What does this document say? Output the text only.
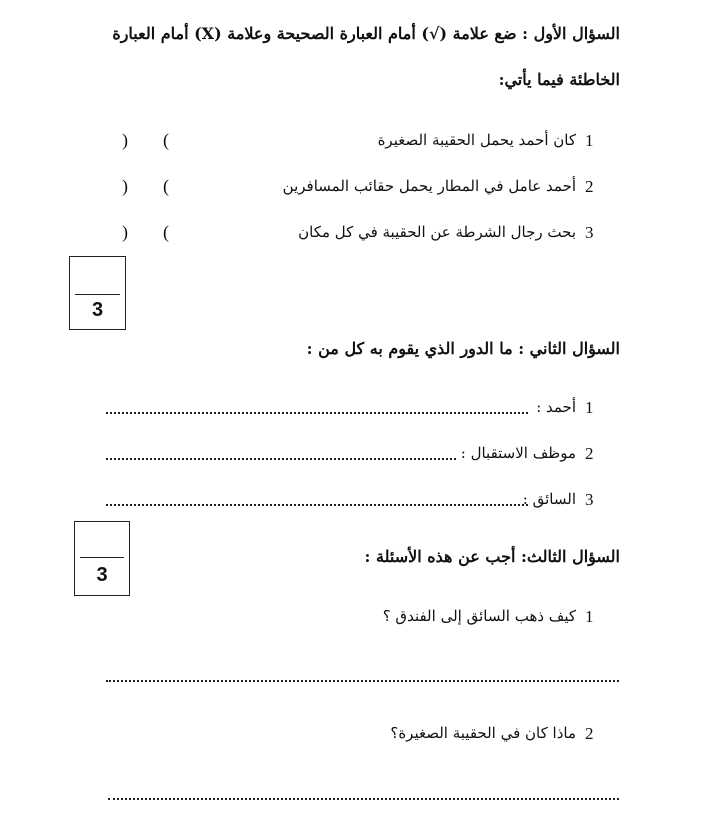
السؤال الأول : ضع علامة (√) أمام العبارة الصحيحة وعلامة (X) أمام العبارة
الخاطئة فيما يأتي:
1
كان أحمد يحمل الحقيبة الصغيرة
(
)
2
أحمد عامل في المطار يحمل حقائب المسافرين
(
)
3
بحث رجال الشرطة عن الحقيبة في كل مكان
(
)
3
السؤال الثاني : ما الدور الذي يقوم به كل من :
1
أحمد :
2
موظف الاستقبال :
3
السائق :
3
السؤال الثالث: أجب عن هذه الأسئلة :
1
كيف ذهب السائق إلى الفندق ؟
2
ماذا كان في الحقيبة الصغيرة؟
